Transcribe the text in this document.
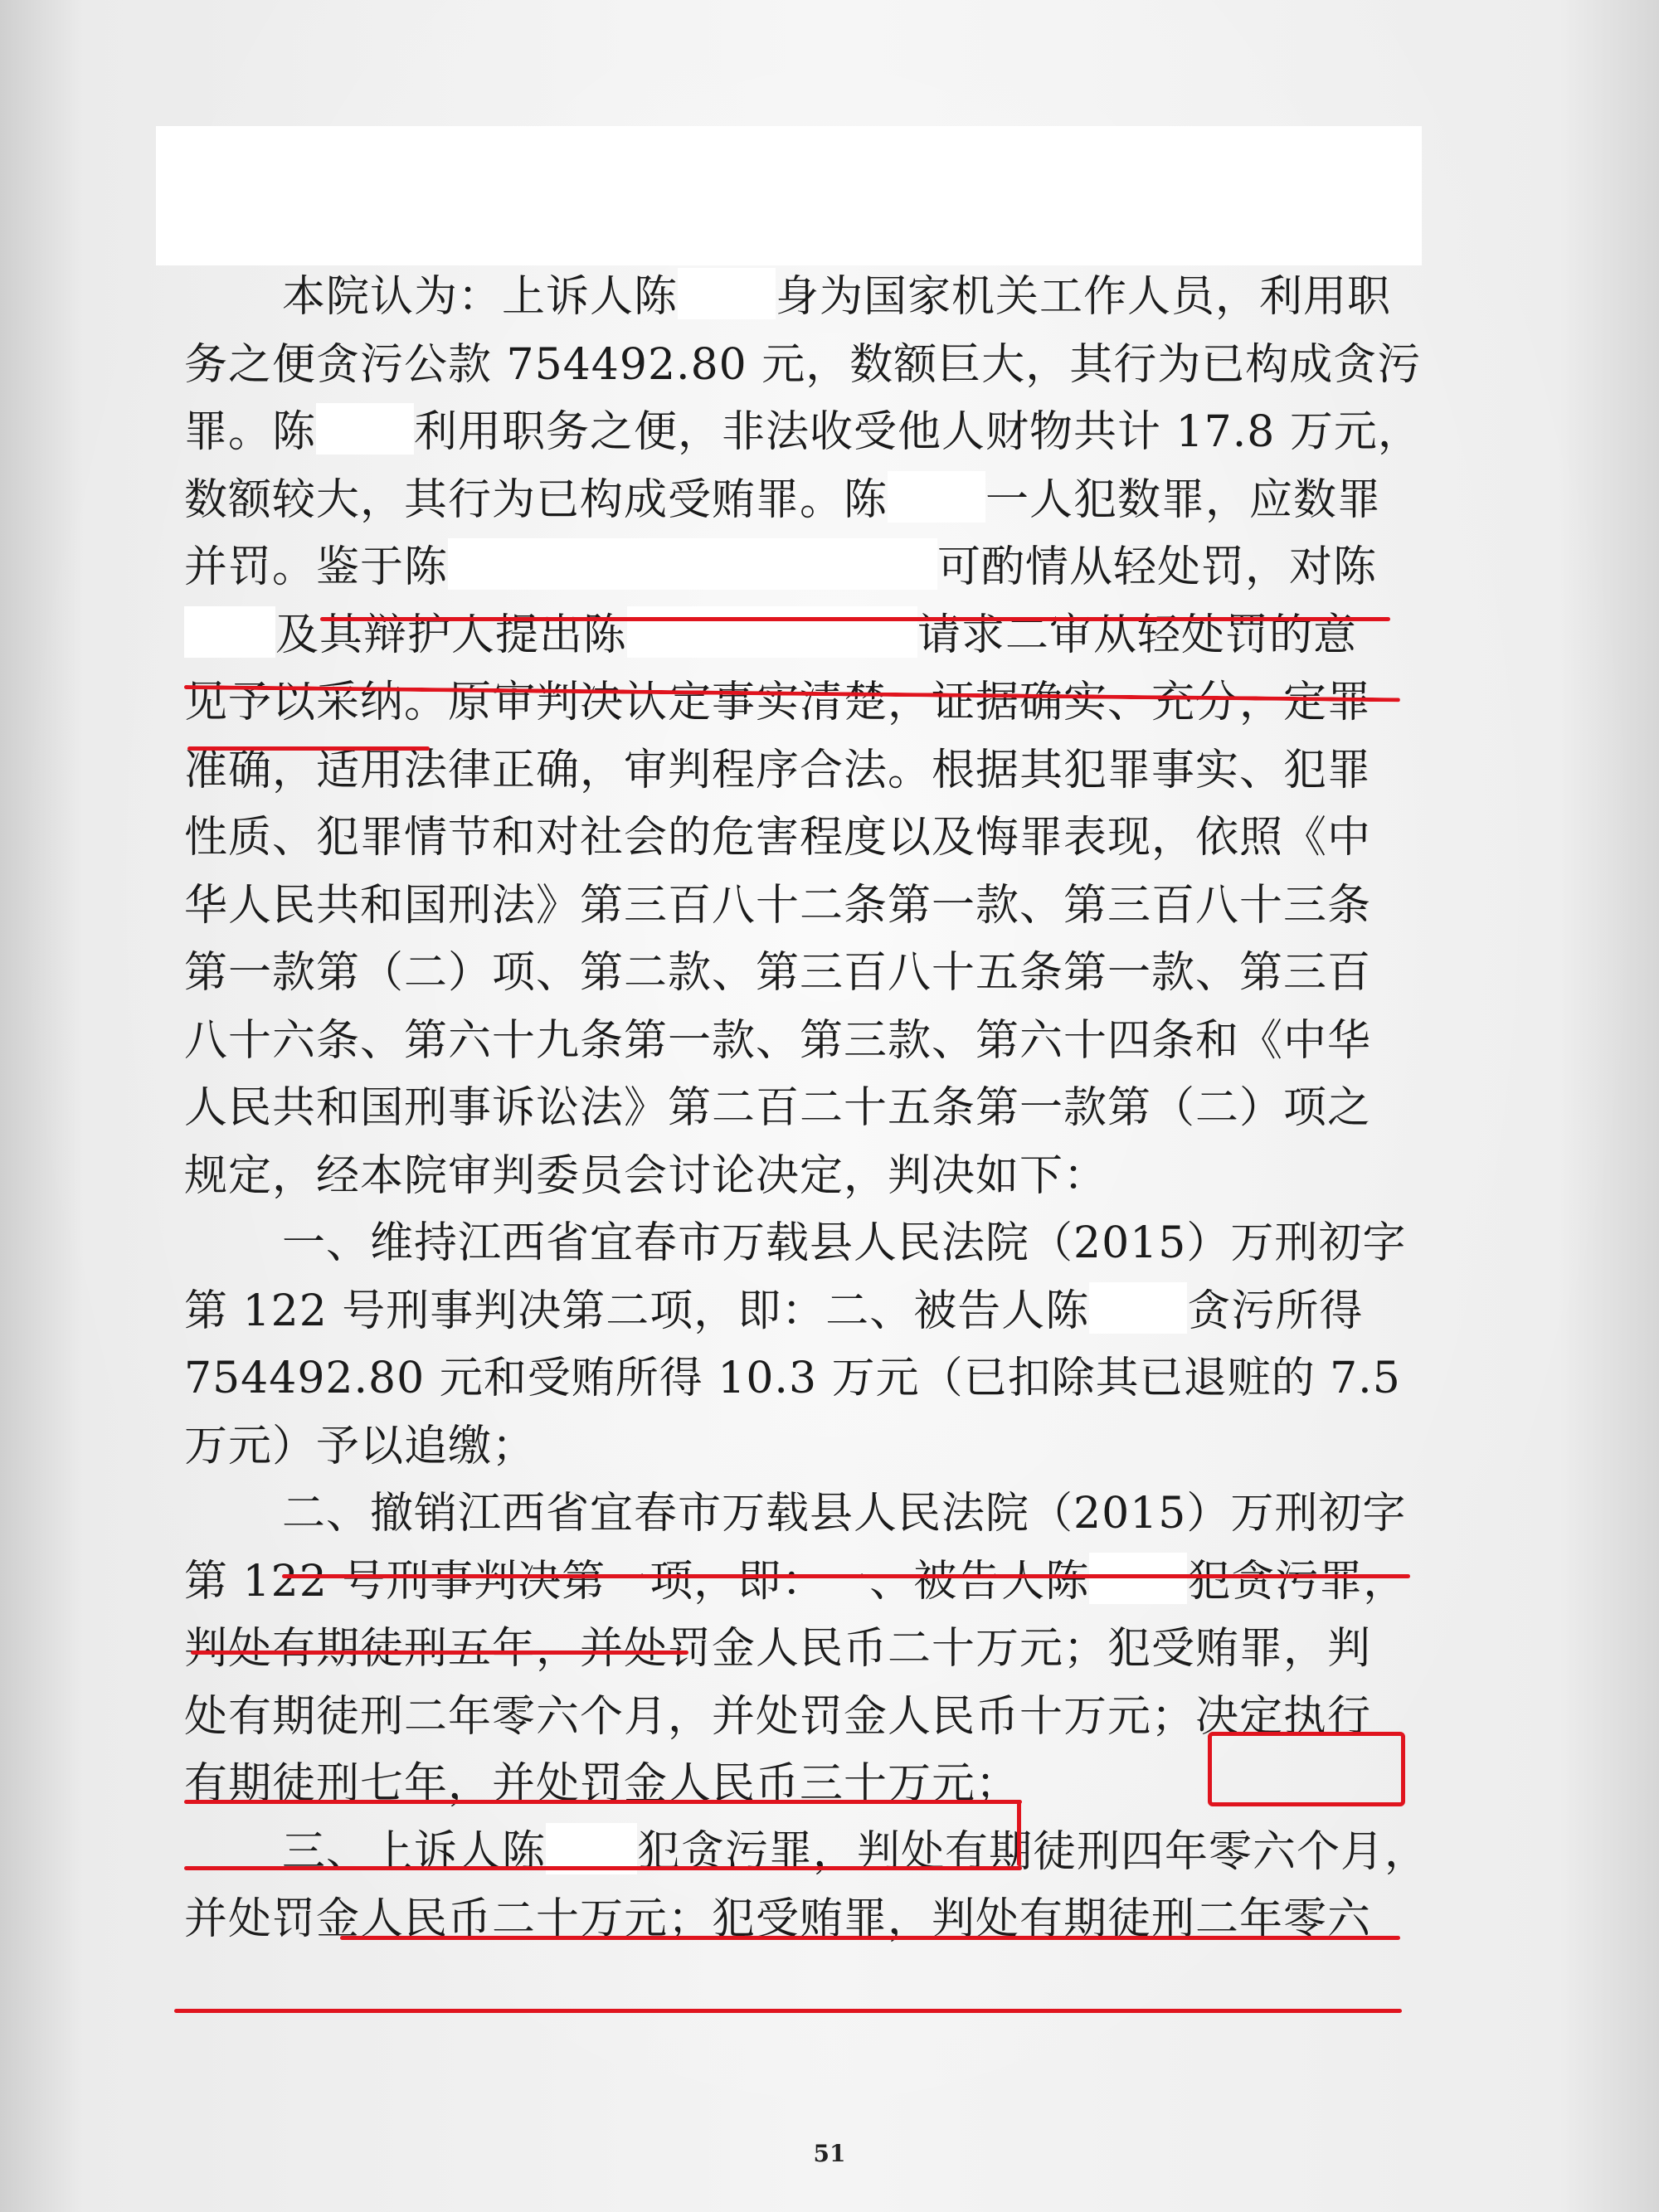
本院认为：上诉人陈 身为国家机关工作人员，利用职
务之便贪污公款 754492.80 元，数额巨大，其行为已构成贪污
罪。陈 利用职务之便，非法收受他人财物共计 17.8 万元，
数额较大，其行为已构成受贿罪。陈 一人犯数罪，应数罪
并罚。鉴于陈	可酌情从轻处罚，对陈
及其辩护人提出陈	请求二审从轻处罚的意
见予以采纳。原审判决认定事实清楚，证据确实、充分，定罪
准确，适用法律正确，审判程序合法。根据其犯罪事实、犯罪
性质、犯罪情节和对社会的危害程度以及悔罪表现，依照《中
华人民共和国刑法》第三百八十二条第一款、第三百八十三条
第一款第（二）项、第二款、第三百八十五条第一款、第三百
八十六条、第六十九条第一款、第三款、第六十四条和《中华
人民共和国刑事诉讼法》第二百二十五条第一款第（二）项之
规定，经本院审判委员会讨论决定，判决如下：
一、维持江西省宜春市万载县人民法院（2015）万刑初字
第 122 号刑事判决第二项，即：二、被告人陈 贪污所得
754492.80 元和受贿所得 10.3 万元（已扣除其已退赃的 7.5
万元）予以追缴；
二、撤销江西省宜春市万载县人民法院（2015）万刑初字
第 122 号刑事判决第一项，即：一、被告人陈 犯贪污罪，
判处有期徒刑五年，并处罚金人民币二十万元；犯受贿罪，判
处有期徒刑二年零六个月，并处罚金人民币十万元；决定执行
有期徒刑七年，并处罚金人民币三十万元；
三、上诉人陈 犯贪污罪，判处有期徒刑四年零六个月，
并处罚金人民币二十万元；犯受贿罪，判处有期徒刑二年零六
51
